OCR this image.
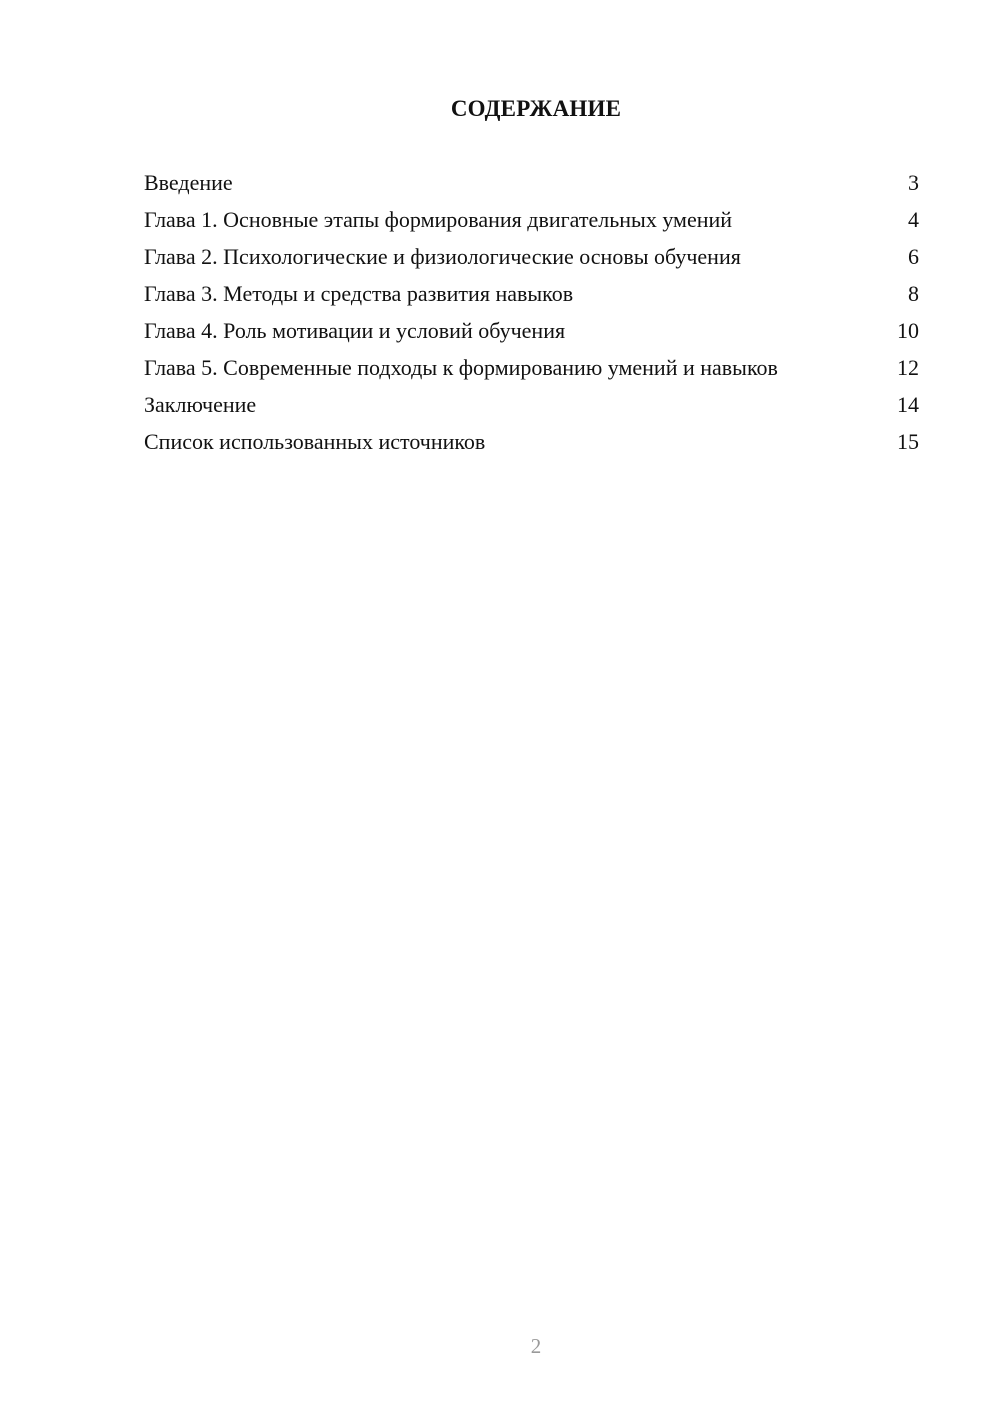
СОДЕРЖАНИЕ
Введение	3
Глава 1. Основные этапы формирования двигательных умений	4
Глава 2. Психологические и физиологические основы обучения	6
Глава 3. Методы и средства развития навыков	8
Глава 4. Роль мотивации и условий обучения	10
Глава 5. Современные подходы к формированию умений и навыков	12
Заключение	14
Список использованных источников	15
2
